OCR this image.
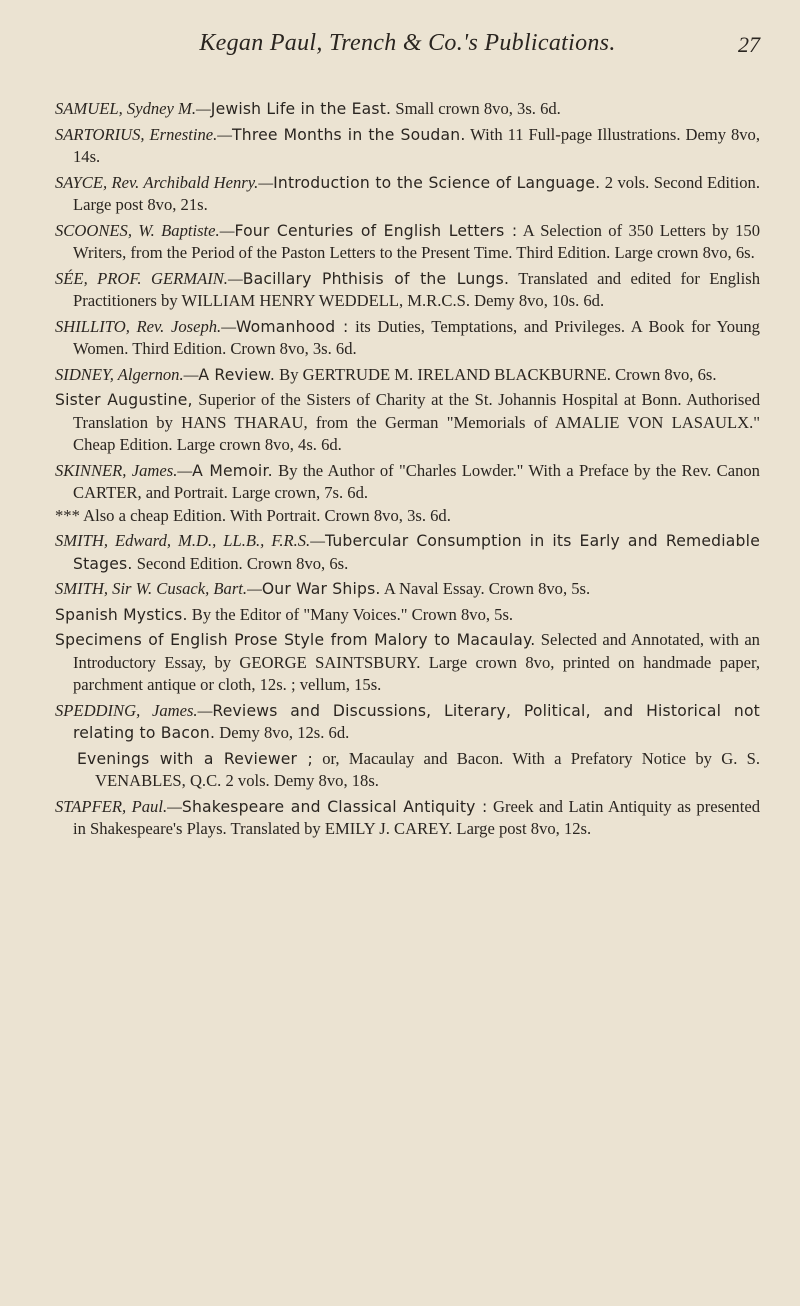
Kegan Paul, Trench & Co.'s Publications.	27

SAMUEL, Sydney M.—Jewish Life in the East. Small crown 8vo, 3s. 6d.

SARTORIUS, Ernestine.—Three Months in the Soudan. With 11 Full-page Illustrations. Demy 8vo, 14s.

SAYCE, Rev. Archibald Henry.—Introduction to the Science of Language. 2 vols. Second Edition. Large post 8vo, 21s.

SCOONES, W. Baptiste.—Four Centuries of English Letters : A Selection of 350 Letters by 150 Writers, from the Period of the Paston Letters to the Present Time. Third Edition. Large crown 8vo, 6s.

SÉE, PROF. GERMAIN.—Bacillary Phthisis of the Lungs. Translated and edited for English Practitioners by WILLIAM HENRY WEDDELL, M.R.C.S. Demy 8vo, 10s. 6d.

SHILLITO, Rev. Joseph.—Womanhood : its Duties, Temptations, and Privileges. A Book for Young Women. Third Edition. Crown 8vo, 3s. 6d.

SIDNEY, Algernon.—A Review. By GERTRUDE M. IRELAND BLACKBURNE. Crown 8vo, 6s.

Sister Augustine, Superior of the Sisters of Charity at the St. Johannis Hospital at Bonn. Authorised Translation by HANS THARAU, from the German "Memorials of AMALIE VON LASAULX." Cheap Edition. Large crown 8vo, 4s. 6d.

SKINNER, James.—A Memoir. By the Author of "Charles Lowder." With a Preface by the Rev. Canon CARTER, and Portrait. Large crown, 7s. 6d.
*** Also a cheap Edition. With Portrait. Crown 8vo, 3s. 6d.

SMITH, Edward, M.D., LL.B., F.R.S.—Tubercular Consumption in its Early and Remediable Stages. Second Edition. Crown 8vo, 6s.

SMITH, Sir W. Cusack, Bart.—Our War Ships. A Naval Essay. Crown 8vo, 5s.

Spanish Mystics. By the Editor of "Many Voices." Crown 8vo, 5s.

Specimens of English Prose Style from Malory to Macaulay. Selected and Annotated, with an Introductory Essay, by GEORGE SAINTSBURY. Large crown 8vo, printed on handmade paper, parchment antique or cloth, 12s. ; vellum, 15s.

SPEDDING, James.—Reviews and Discussions, Literary, Political, and Historical not relating to Bacon. Demy 8vo, 12s. 6d.

Evenings with a Reviewer ; or, Macaulay and Bacon. With a Prefatory Notice by G. S. VENABLES, Q.C. 2 vols. Demy 8vo, 18s.

STAPFER, Paul.—Shakespeare and Classical Antiquity : Greek and Latin Antiquity as presented in Shakespeare's Plays. Translated by EMILY J. CAREY. Large post 8vo, 12s.
